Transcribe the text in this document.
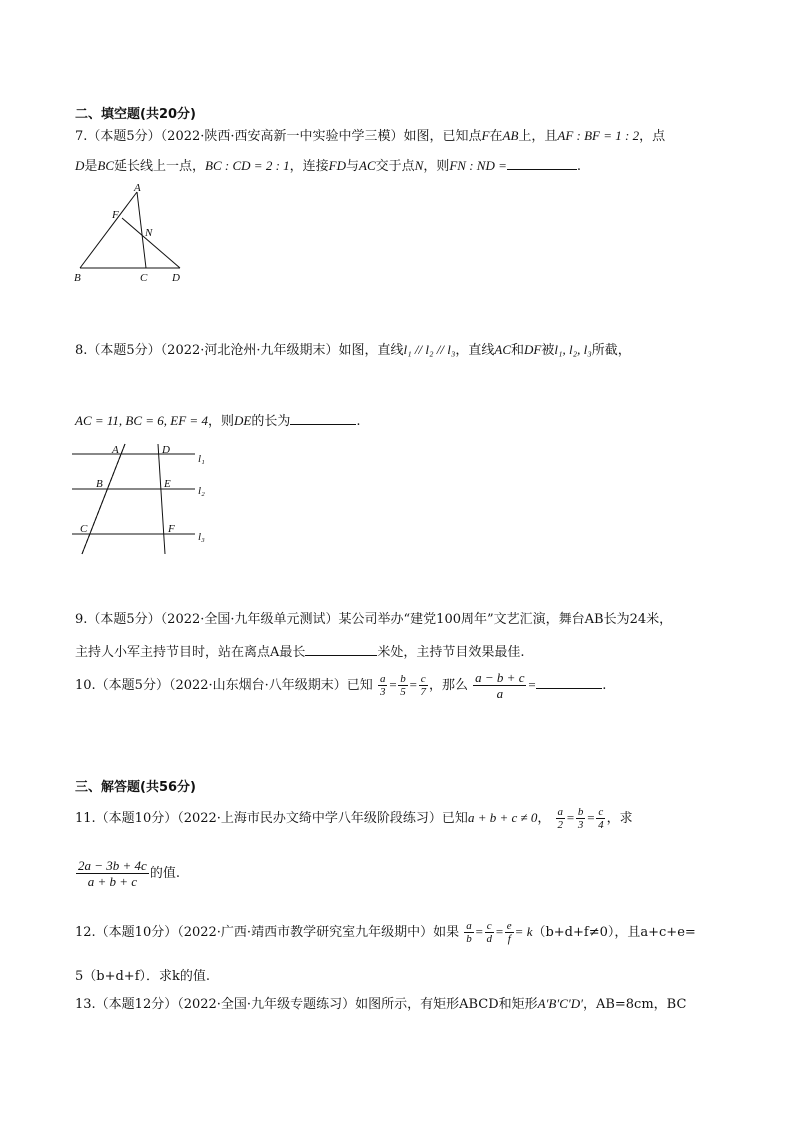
二、填空题(共20分)
7.（本题5分）（2022·陕西·西安高新一中实验中学三模）如图，已知点F在AB上，且AF : BF = 1 : 2，点
D是BC延长线上一点，BC : CD = 2 : 1，连接FD与AC交于点N，则FN : ND =	.
A
F
N
B	C D
8.（本题5分）（2022·河北沧州·九年级期末）如图，直线l₁ // l₂ // l₃，直线AC和DF被l₁, l₂, l₃所截，
AC = 11, BC = 6, EF = 4，则DE的长为	.
A	D
B	E
C	F
l₁
l₂
l₃
9.（本题5分）（2022·全国·九年级单元测试）某公司举办“建党100周年”文艺汇演，舞台AB长为24米，
主持人小军主持节目时，站在离点A最长	米处，主持节目效果最佳.
10.（本题5分）（2022·山东烟台·八年级期末）已知 $\frac{a}{3} = \frac{b}{5} = \frac{c}{7}$ ，那么 $\frac{a - b + c}{a}$ =	.
三、解答题(共56分)
11.（本题10分）（2022·上海市民办文绮中学八年级阶段练习）已知a + b + c ≠ 0， $\frac{a}{2} = \frac{b}{3} = \frac{c}{4}$ ，求
$\frac{2a - 3b + 4c}{a + b + c}$ 的值.
12.（本题10分）（2022·广西·靖西市教学研究室九年级期中）如果 $\frac{a}{b} = \frac{c}{d} = \frac{e}{f} = k(b+d+f\ne 0)$，且a+c+e=
5（b+d+f）．求k的值.
13.（本题12分）（2022·全国·九年级专题练习）如图所示，有矩形ABCD和矩形A′B′C′D′，AB=8cm，BC
